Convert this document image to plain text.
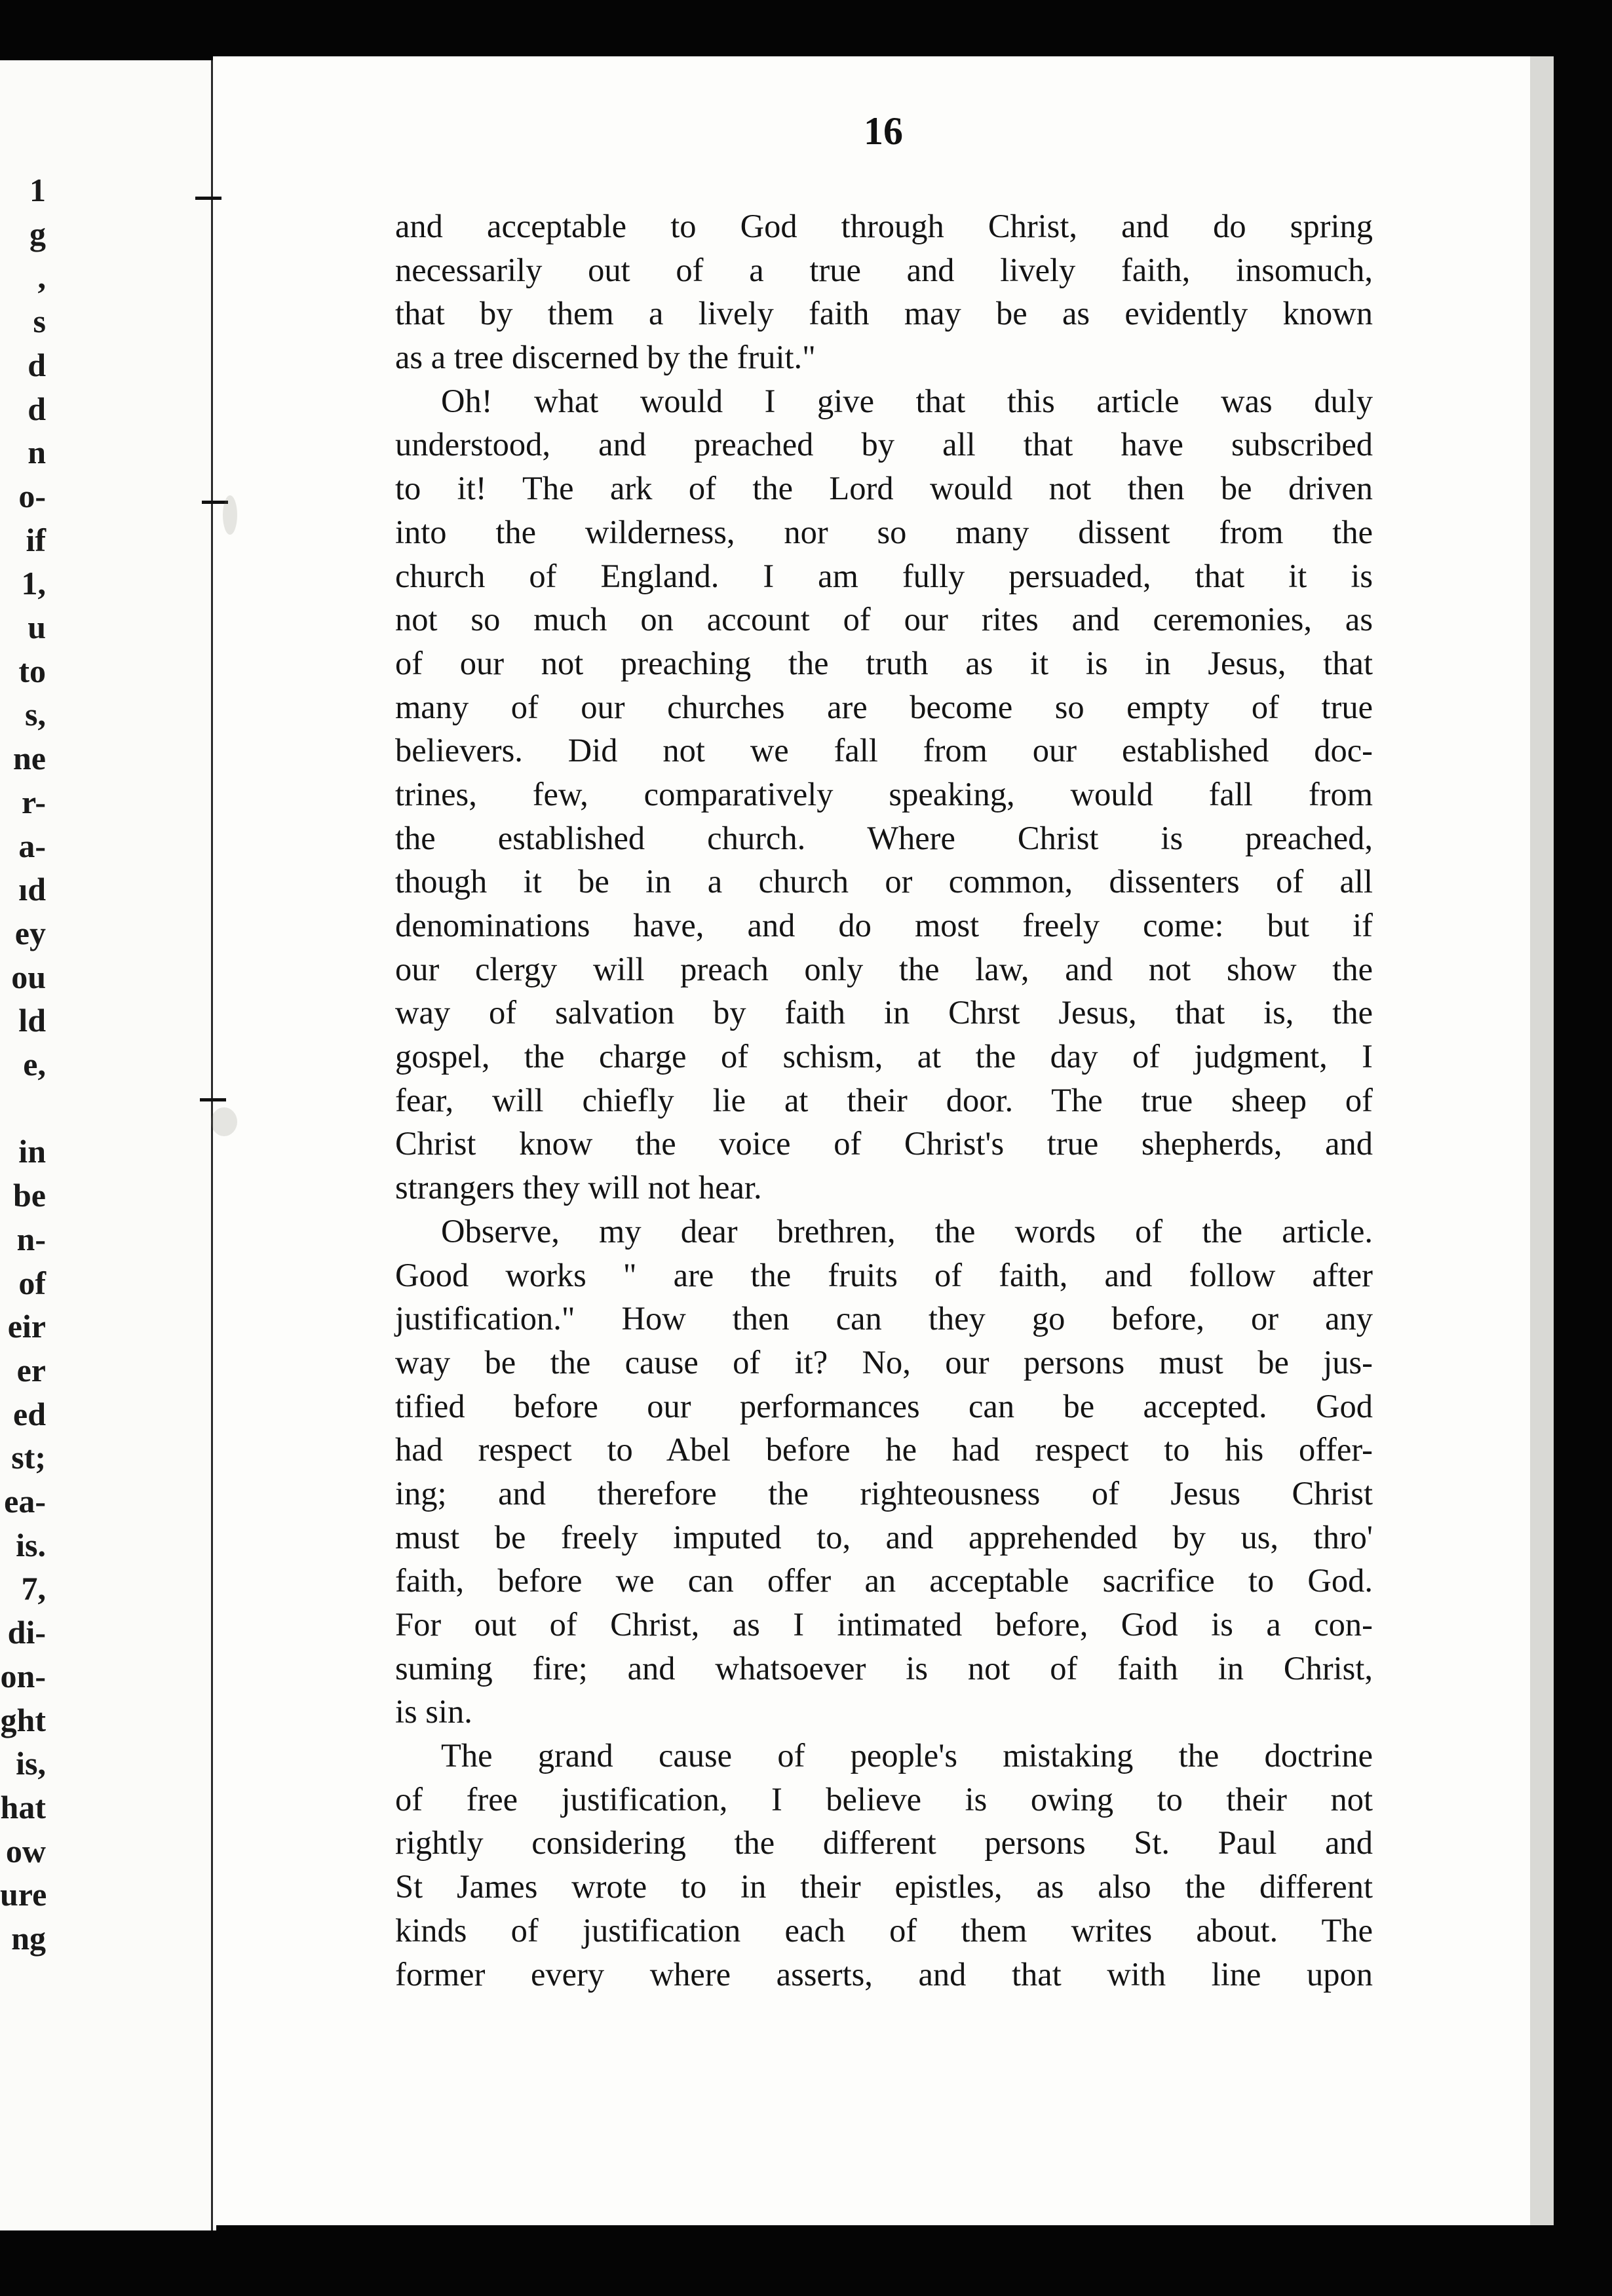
1
g
,
s
d
d
n
o-
if
1,
u
to
s,
ne
r-
a-
ıd
ey
ou
ld
e,
in
be
n-
of
eir
er
ed
st;
ea-
is.
7,
di-
on-
ght
is,
hat
ow
ure
ng
16
and acceptable to God through Christ, and do spring
necessarily out of a true and lively faith, insomuch,
that by them a lively faith may be as evidently known
as a tree discerned by the fruit."
Oh! what would I give that this article was duly
understood, and preached by all that have subscribed
to it! The ark of the Lord would not then be driven
into the wilderness, nor so many dissent from the
church of England. I am fully persuaded, that it is
not so much on account of our rites and ceremonies, as
of our not preaching the truth as it is in Jesus, that
many of our churches are become so empty of true
believers. Did not we fall from our established doc-
trines, few, comparatively speaking, would fall from
the established church. Where Christ is preached,
though it be in a church or common, dissenters of all
denominations have, and do most freely come: but if
our clergy will preach only the law, and not show the
way of salvation by faith in Chrst Jesus, that is, the
gospel, the charge of schism, at the day of judgment, I
fear, will chiefly lie at their door. The true sheep of
Christ know the voice of Christ's true shepherds, and
strangers they will not hear.
Observe, my dear brethren, the words of the article.
Good works " are the fruits of faith, and follow after
justification." How then can they go before, or any
way be the cause of it? No, our persons must be jus-
tified before our performances can be accepted. God
had respect to Abel before he had respect to his offer-
ing; and therefore the righteousness of Jesus Christ
must be freely imputed to, and apprehended by us, thro'
faith, before we can offer an acceptable sacrifice to God.
For out of Christ, as I intimated before, God is a con-
suming fire; and whatsoever is not of faith in Christ,
is sin.
The grand cause of people's mistaking the doctrine
of free justification, I believe is owing to their not
rightly considering the different persons St. Paul and
St James wrote to in their epistles, as also the different
kinds of justification each of them writes about. The
former every where asserts, and that with line upon
